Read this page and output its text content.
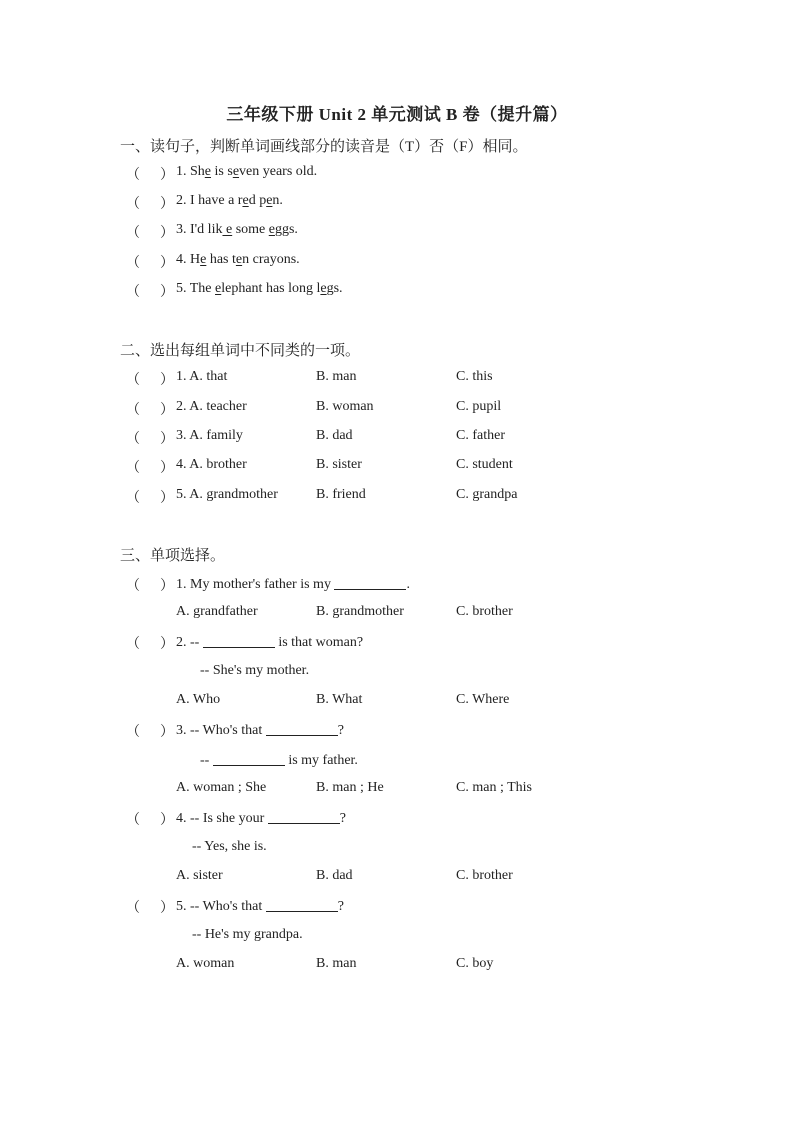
三年级下册 Unit 2 单元测试 B 卷（提升篇）
一、读句子，判断单词画线部分的读音是（T）否（F）相同。
（ ） 1. She is seven years old.
（ ） 2. I have a red pen.
（ ） 3. I'd lik e some eggs.
（ ） 4. He has ten crayons.
（ ） 5. The elephant has long legs.
二、选出每组单词中不同类的一项。
（ ） 1. A. that	B. man	C. this
（ ） 2. A. teacher	B. woman	C. pupil
（ ） 3. A. family	B. dad	C. father
（ ） 4. A. brother	B. sister	C. student
（ ） 5. A. grandmother	B. friend	C. grandpa
三、单项选择。
（ ） 1. My mother's father is my	.
A. grandfather	B. grandmother	C. brother
（ ） 2. --	is that woman?
-- She's my mother.
A. Who	B. What	C. Where
（ ） 3. -- Who's that	?
--	is my father.
A. woman ; She	B. man ; He	C. man ; This
（ ） 4. -- Is she your	?
-- Yes, she is.
A. sister	B. dad	C. brother
（ ） 5. -- Who's that	?
-- He's my grandpa.
A. woman	B. man	C. boy
